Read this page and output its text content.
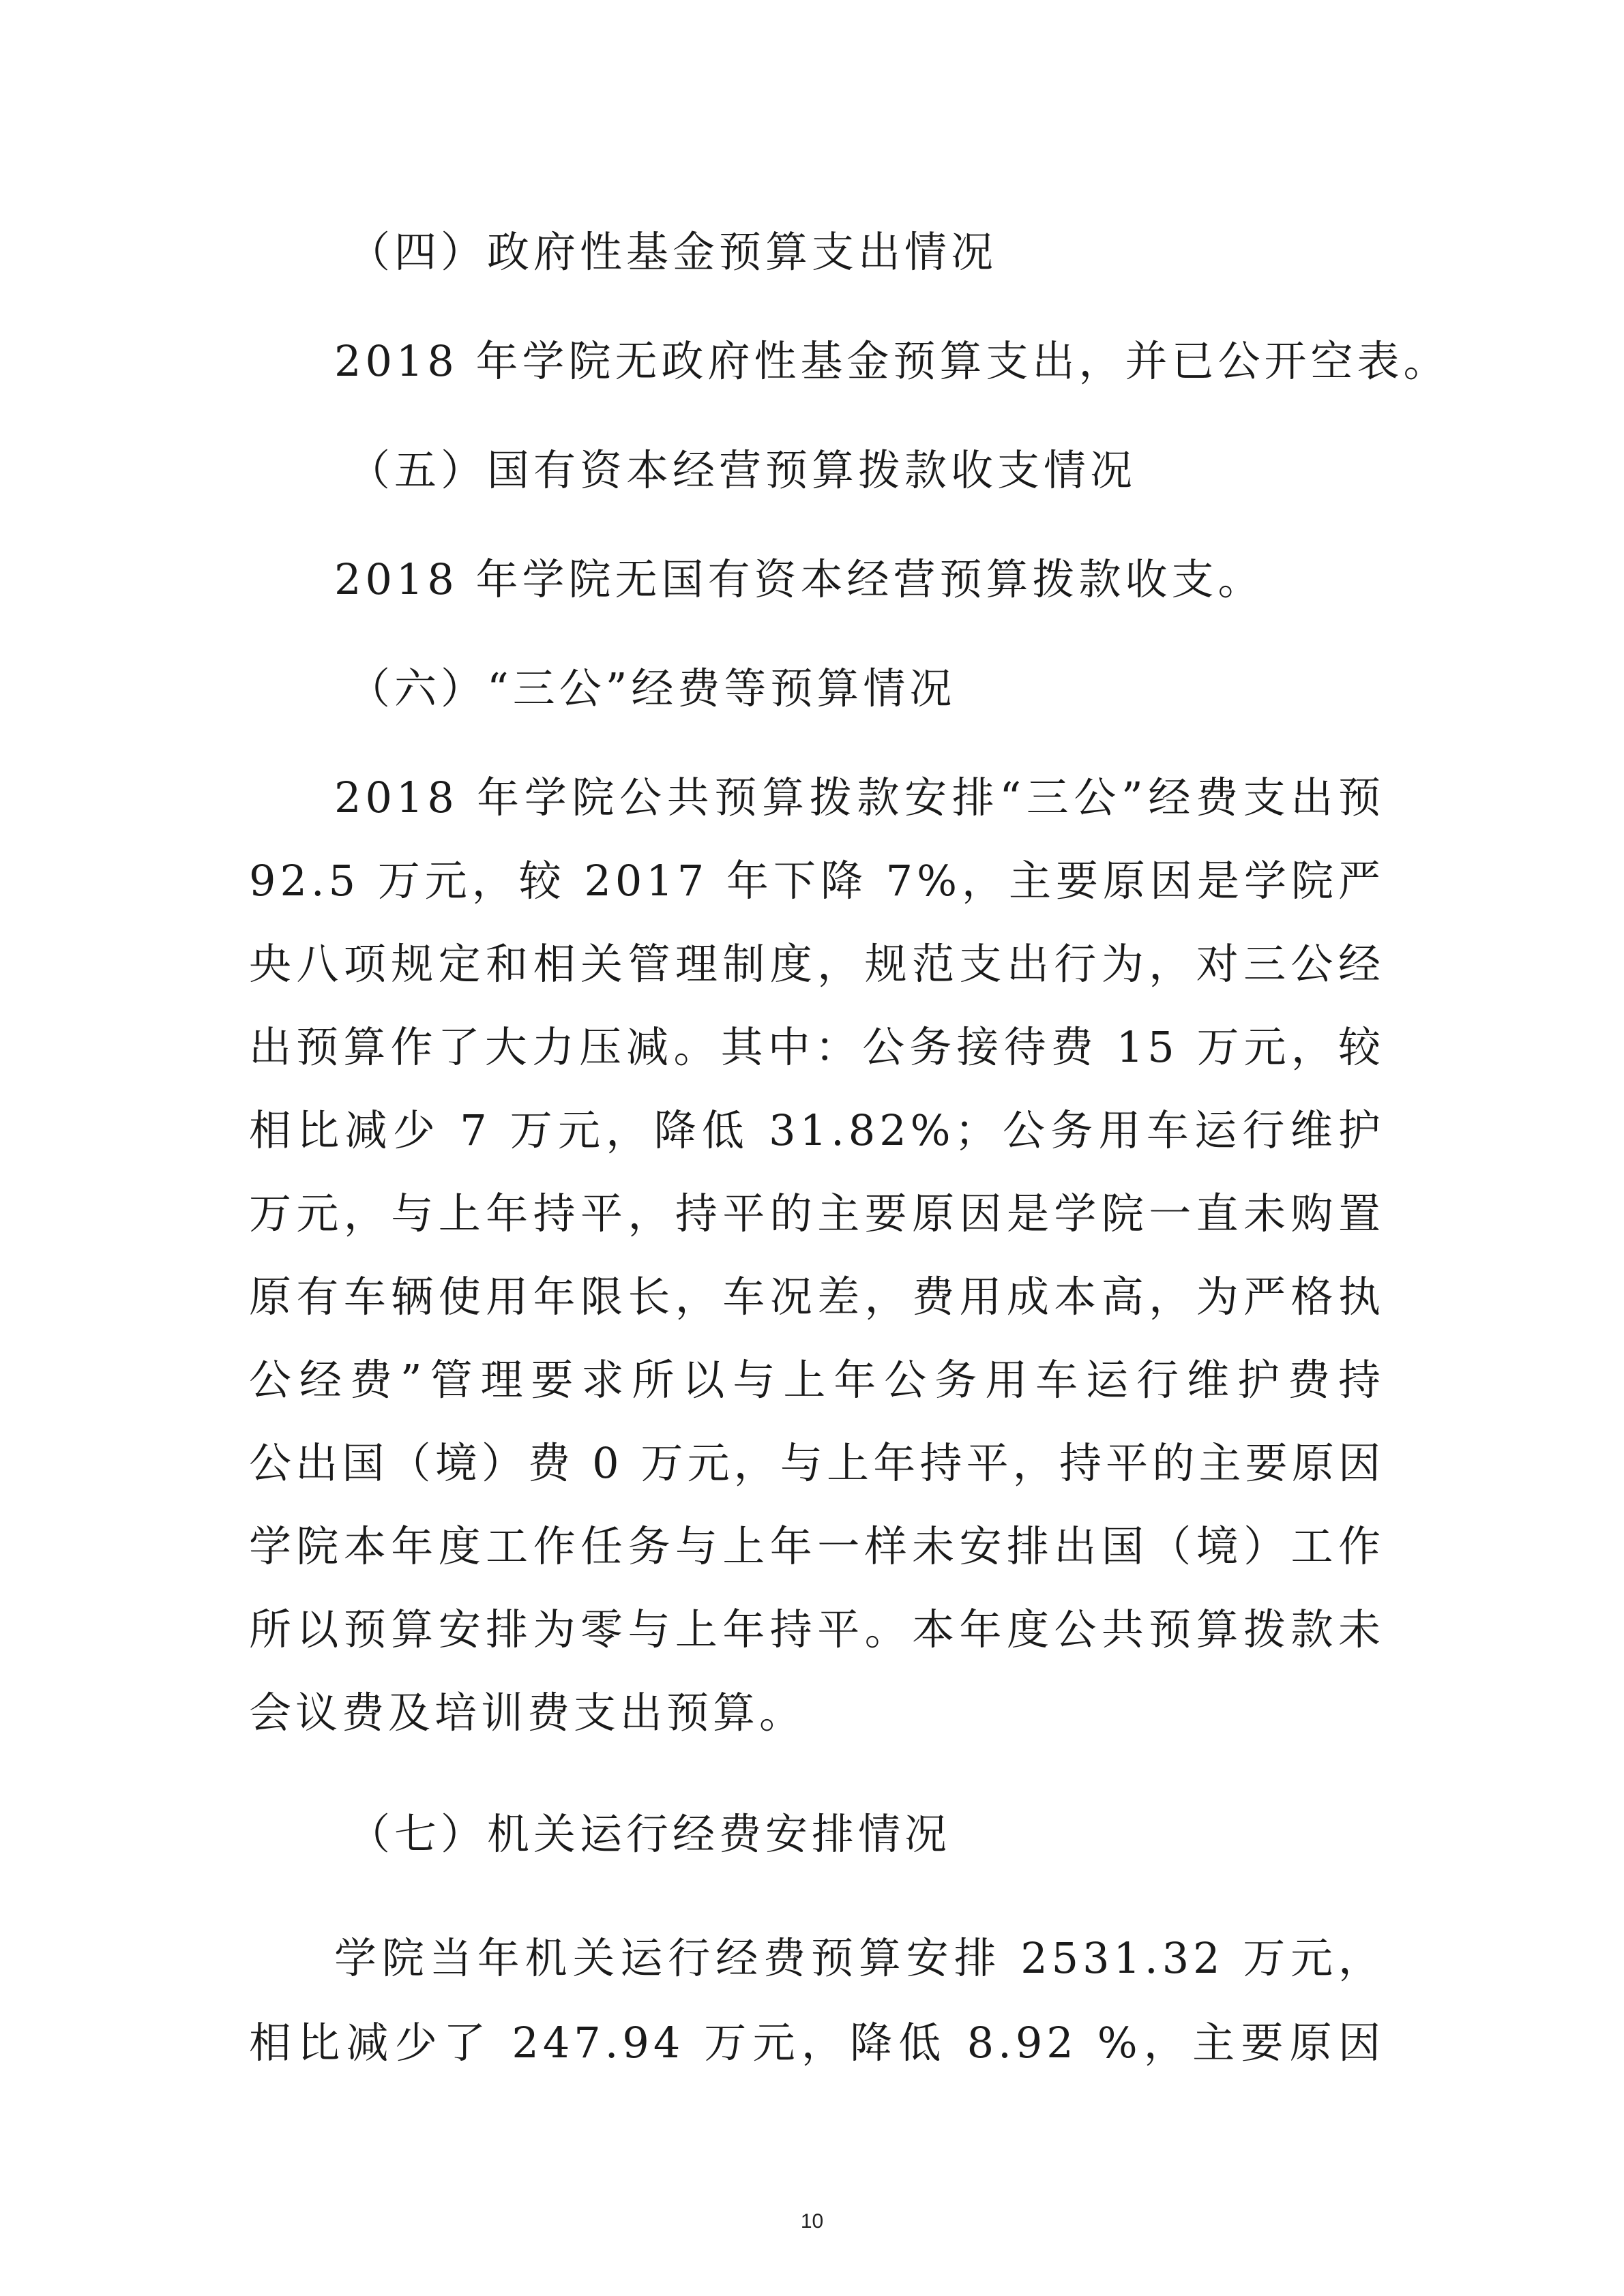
（四）政府性基金预算支出情况
2018 年学院无政府性基金预算支出，并已公开空表。
（五）国有资本经营预算拨款收支情况
2018 年学院无国有资本经营预算拨款收支。
（六）“三公”经费等预算情况
2018 年学院公共预算拨款安排“三公”经费支出预
92.5 万元，较 2017 年下降 7%，主要原因是学院严
央八项规定和相关管理制度，规范支出行为，对三公经
出预算作了大力压减。其中：公务接待费 15 万元，较
相比减少 7 万元，降低 31.82%；公务用车运行维护
万元，与上年持平，持平的主要原因是学院一直未购置
原有车辆使用年限长，车况差，费用成本高，为严格执
公经费”管理要求所以与上年公务用车运行维护费持
公出国（境）费 0 万元，与上年持平，持平的主要原因
学院本年度工作任务与上年一样未安排出国（境）工作
所以预算安排为零与上年持平。本年度公共预算拨款未
会议费及培训费支出预算。
（七）机关运行经费安排情况
学院当年机关运行经费预算安排 2531.32 万元，
相比减少了 247.94 万元，降低 8.92 %，主要原因
10
